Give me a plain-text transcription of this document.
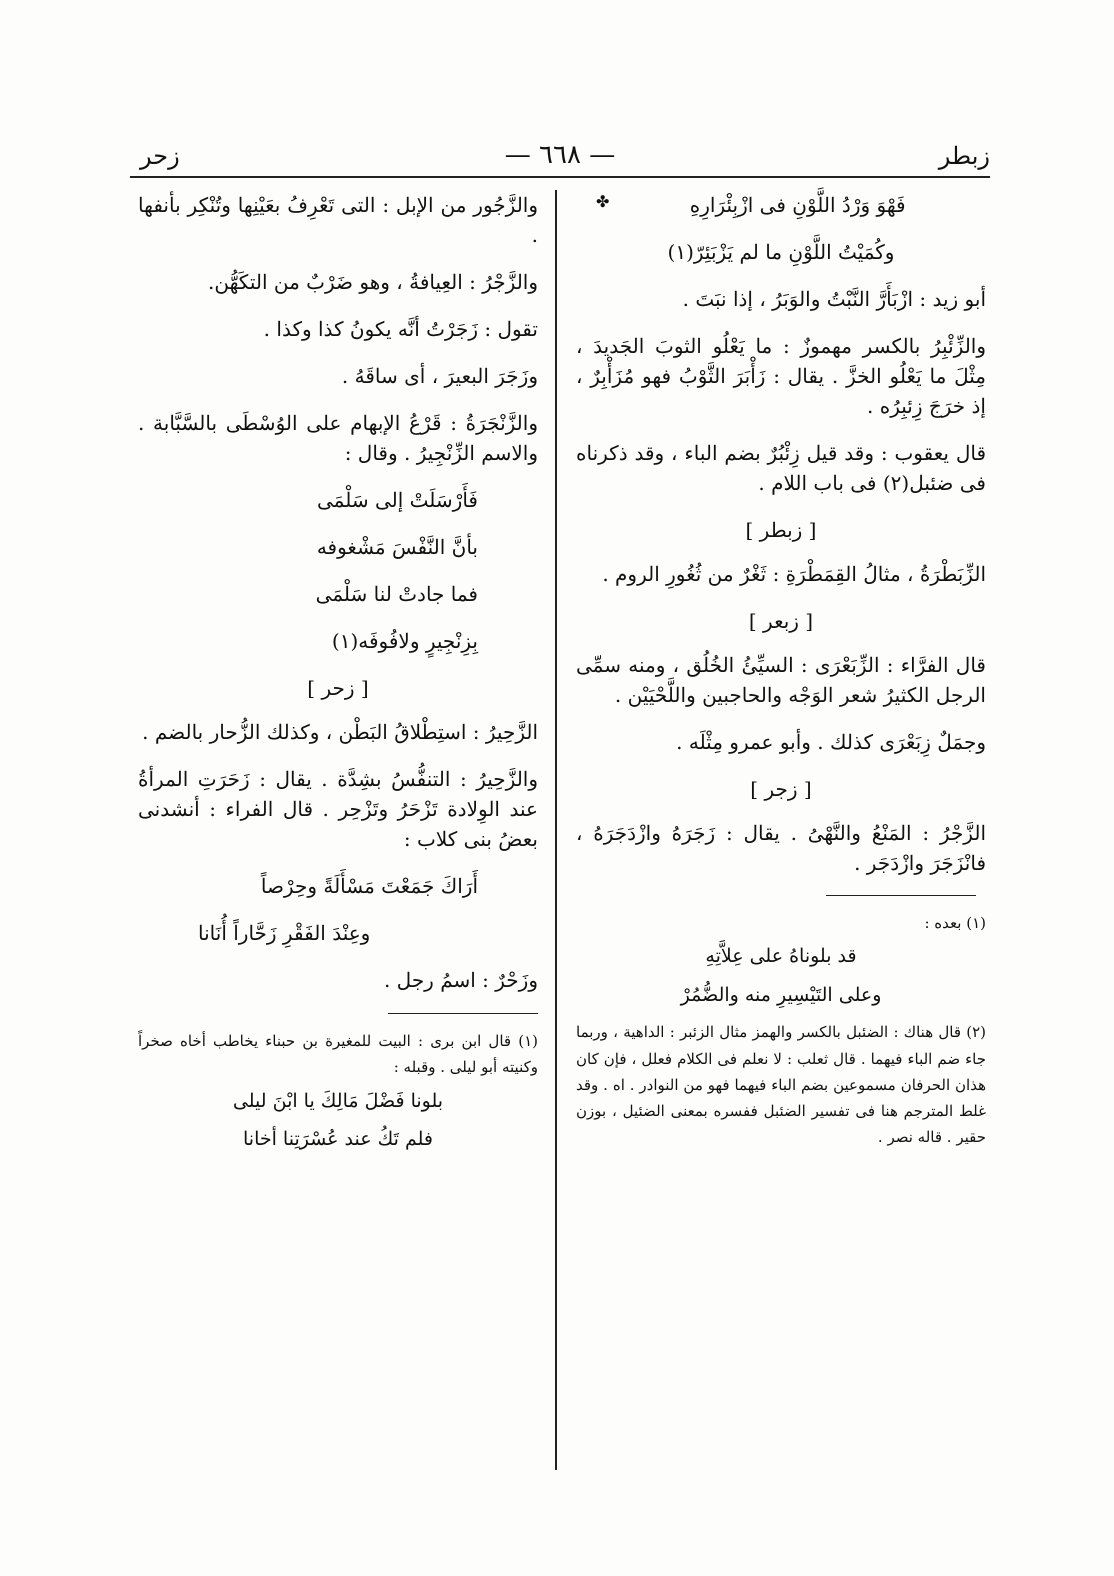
زبطر
— ٦٦٨ —
زحر
✤	فَهْوَ وَرْدُ اللَّوْنِ فى ازْبِئْرَارِهِ
وكُمَيْتُ اللَّوْنِ ما لم يَزْبَئِرّ(١)

أبو زيد : ازْبَأَرَّ النَّبْتُ والوَبَرُ ، إذا نبَتَ .

والزِّئْبِرُ بالكسر مهموزٌ : ما يَعْلُو الثوبَ الجَديدَ ، مِثْلَ ما يَعْلُو الخزَّ . يقال : زَأْبَرَ الثَّوْبُ فهو مُزَأْبِرٌ ، إذ خرَجَ زِئبِرُه .

قال يعقوب : وقد قيل زِئْبُرٌ بضم الباء ، وقد ذكرناه فى ضئبل(٢) فى باب اللام .

[ زبطر ]

الزِّبَطْرَةُ ، مثالُ القِمَطْرَةِ : ثَغْرٌ من ثُغُورِ الروم .

[ زبعر ]

قال الفرَّاء : الزِّبَعْرَى : السيِّئُ الخُلُق ، ومنه سمِّى الرجل الكثيرُ شعر الوَجْه والحاجبين واللَّحْيَيْن .

وجمَلٌ زِبَعْرَى كذلك . وأبو عمرو مِثْلَه .

[ زجر ]

الزَّجْرُ : المَنْعُ والنَّهْىُ . يقال : زَجَرَهُ وازْدَجَرَهُ ، فانْزَجَرَ وازْدَجَر .

(١) بعده :

قد بلوناهُ على عِلاَّتِهِ
وعلى التَيْسِيرِ منه والضُّمُرْ

(٢) قال هناك : الضئبل بالكسر والهمز مثال الزئبر : الداهية ، وربما جاء ضم الباء فيهما . قال ثعلب : لا نعلم فى الكلام فعلل ، فإن كان هذان الحرفان مسموعين بضم الباء فيهما فهو من النوادر . اه . وقد غلط المترجم هنا فى تفسير الضئبل ففسره بمعنى الضئيل ، بوزن حقير . قاله نصر .

والزَّجُور من الإبل : التى تَعْرِفُ بعَيْنِها وتُنْكِر بأنفها .

والزَّجْرُ : العِيافةُ ، وهو ضَرْبٌ من التكَهُّن.

تقول : زَجَرْتُ أنَّه يكونُ كذا وكذا .

وزَجَرَ البعيرَ ، أى ساقَهُ .

والزَّنْجَرَةُ : قَرْعُ الإبهام على الوُسْطَى بالسَّبَّابة . والاسم الزِّنْجِيرُ . وقال :

فَأَرْسَلَتْ إلى سَلْمَى
بأنَّ النَّفْسَ مَشْغوفه
فما جادتْ لنا سَلْمَى
بِزِنْجِيرٍ ولافُوفَه(١)
[ زحر ]

الزَّحِيرُ : استِطْلاقُ البَطْن ، وكذلك الزُّحار بالضم .

والزَّحِيرُ : التنفُّسُ بشِدَّة . يقال : زَحَرَتِ المرأةُ عند الوِلادة تَزْحَرُ وتَزْحِر . قال الفراء : أنشدنى بعضُ بنى كلاب :

أَرَاكَ جَمَعْتَ مَسْأَلَةً وحِرْصاً
وعِنْدَ الفَقْرِ زَحَّاراً أُنَانا

وزَحْرٌ : اسمُ رجل .

(١) قال ابن برى : البيت للمغيرة بن حبناء يخاطب أخاه صخراً وكنيته أبو ليلى . وقبله :

بلونا فَضْلَ مَالِكَ يا ابْنَ ليلى
فلم تَكُ عند عُسْرَتِنا أخانا
